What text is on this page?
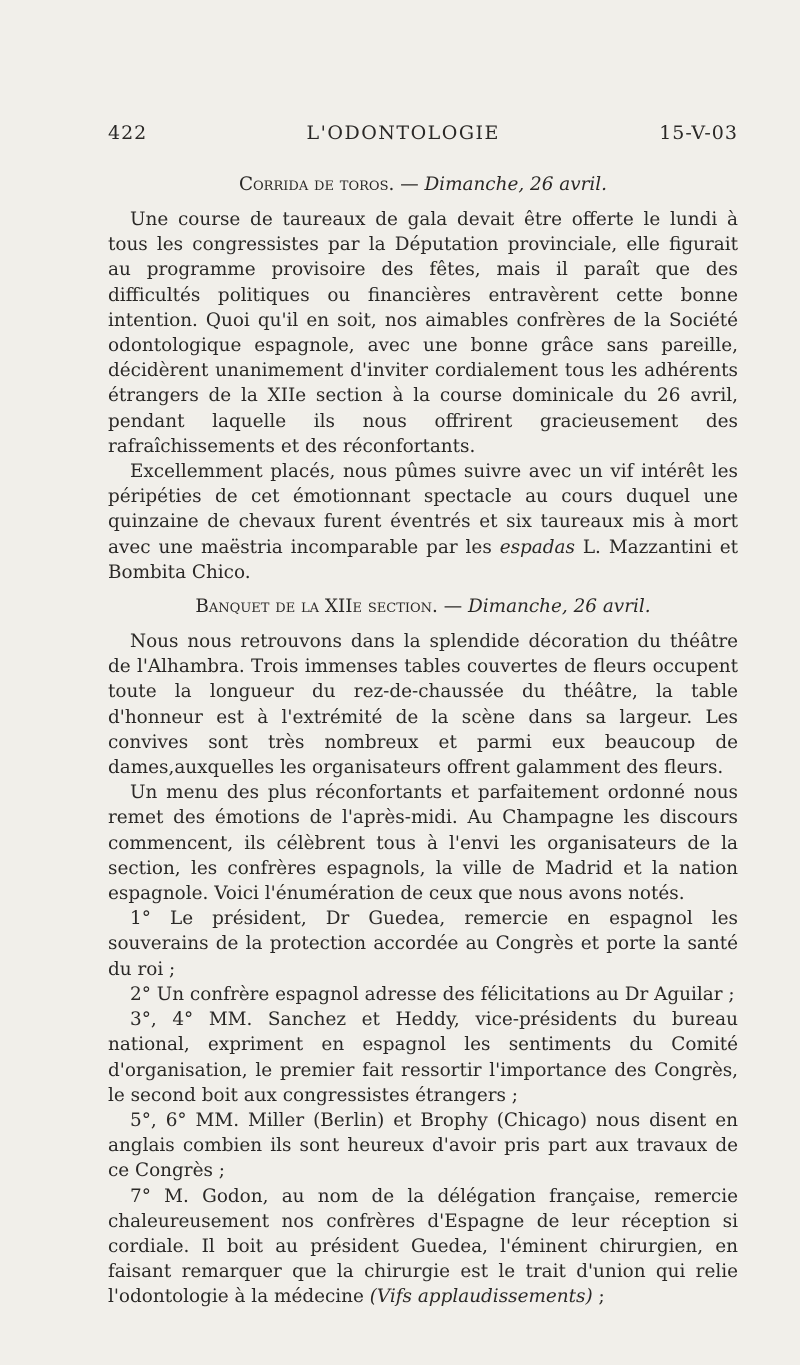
422	L'ODONTOLOGIE	15-V-03
Corrida de toros. — Dimanche, 26 avril.

Une course de taureaux de gala devait être offerte le lundi à tous les congressistes par la Députation provinciale, elle figurait au programme provisoire des fêtes, mais il paraît que des difficultés politiques ou financières entravèrent cette bonne intention. Quoi qu'il en soit, nos aimables confrères de la Société odontologique espagnole, avec une bonne grâce sans pareille, décidèrent unanimement d'inviter cordialement tous les adhérents étrangers de la XIIe section à la course dominicale du 26 avril, pendant laquelle ils nous offrirent gracieusement des rafraîchissements et des réconfortants.

Excellemment placés, nous pûmes suivre avec un vif intérêt les péripéties de cet émotionnant spectacle au cours duquel une quinzaine de chevaux furent éventrés et six taureaux mis à mort avec une maëstria incomparable par les espadas L. Mazzantini et Bombita Chico.

Banquet de la XIIe section. — Dimanche, 26 avril.

Nous nous retrouvons dans la splendide décoration du théâtre de l'Alhambra. Trois immenses tables couvertes de fleurs occupent toute la longueur du rez-de-chaussée du théâtre, la table d'honneur est à l'extrémité de la scène dans sa largeur. Les convives sont très nombreux et parmi eux beaucoup de dames,auxquelles les organisateurs offrent galamment des fleurs.

Un menu des plus réconfortants et parfaitement ordonné nous remet des émotions de l'après-midi. Au Champagne les discours commencent, ils célèbrent tous à l'envi les organisateurs de la section, les confrères espagnols, la ville de Madrid et la nation espagnole. Voici l'énumération de ceux que nous avons notés.

1° Le président, Dr Guedea, remercie en espagnol les souverains de la protection accordée au Congrès et porte la santé du roi ;
2° Un confrère espagnol adresse des félicitations au Dr Aguilar ;
3°, 4° MM. Sanchez et Heddy, vice-présidents du bureau national, expriment en espagnol les sentiments du Comité d'organisation, le premier fait ressortir l'importance des Congrès, le second boit aux congressistes étrangers ;
5°, 6° MM. Miller (Berlin) et Brophy (Chicago) nous disent en anglais combien ils sont heureux d'avoir pris part aux travaux de ce Congrès ;
7° M. Godon, au nom de la délégation française, remercie chaleureusement nos confrères d'Espagne de leur réception si cordiale. Il boit au président Guedea, l'éminent chirurgien, en faisant remarquer que la chirurgie est le trait d'union qui relie l'odontologie à la médecine (Vifs applaudissements) ;
